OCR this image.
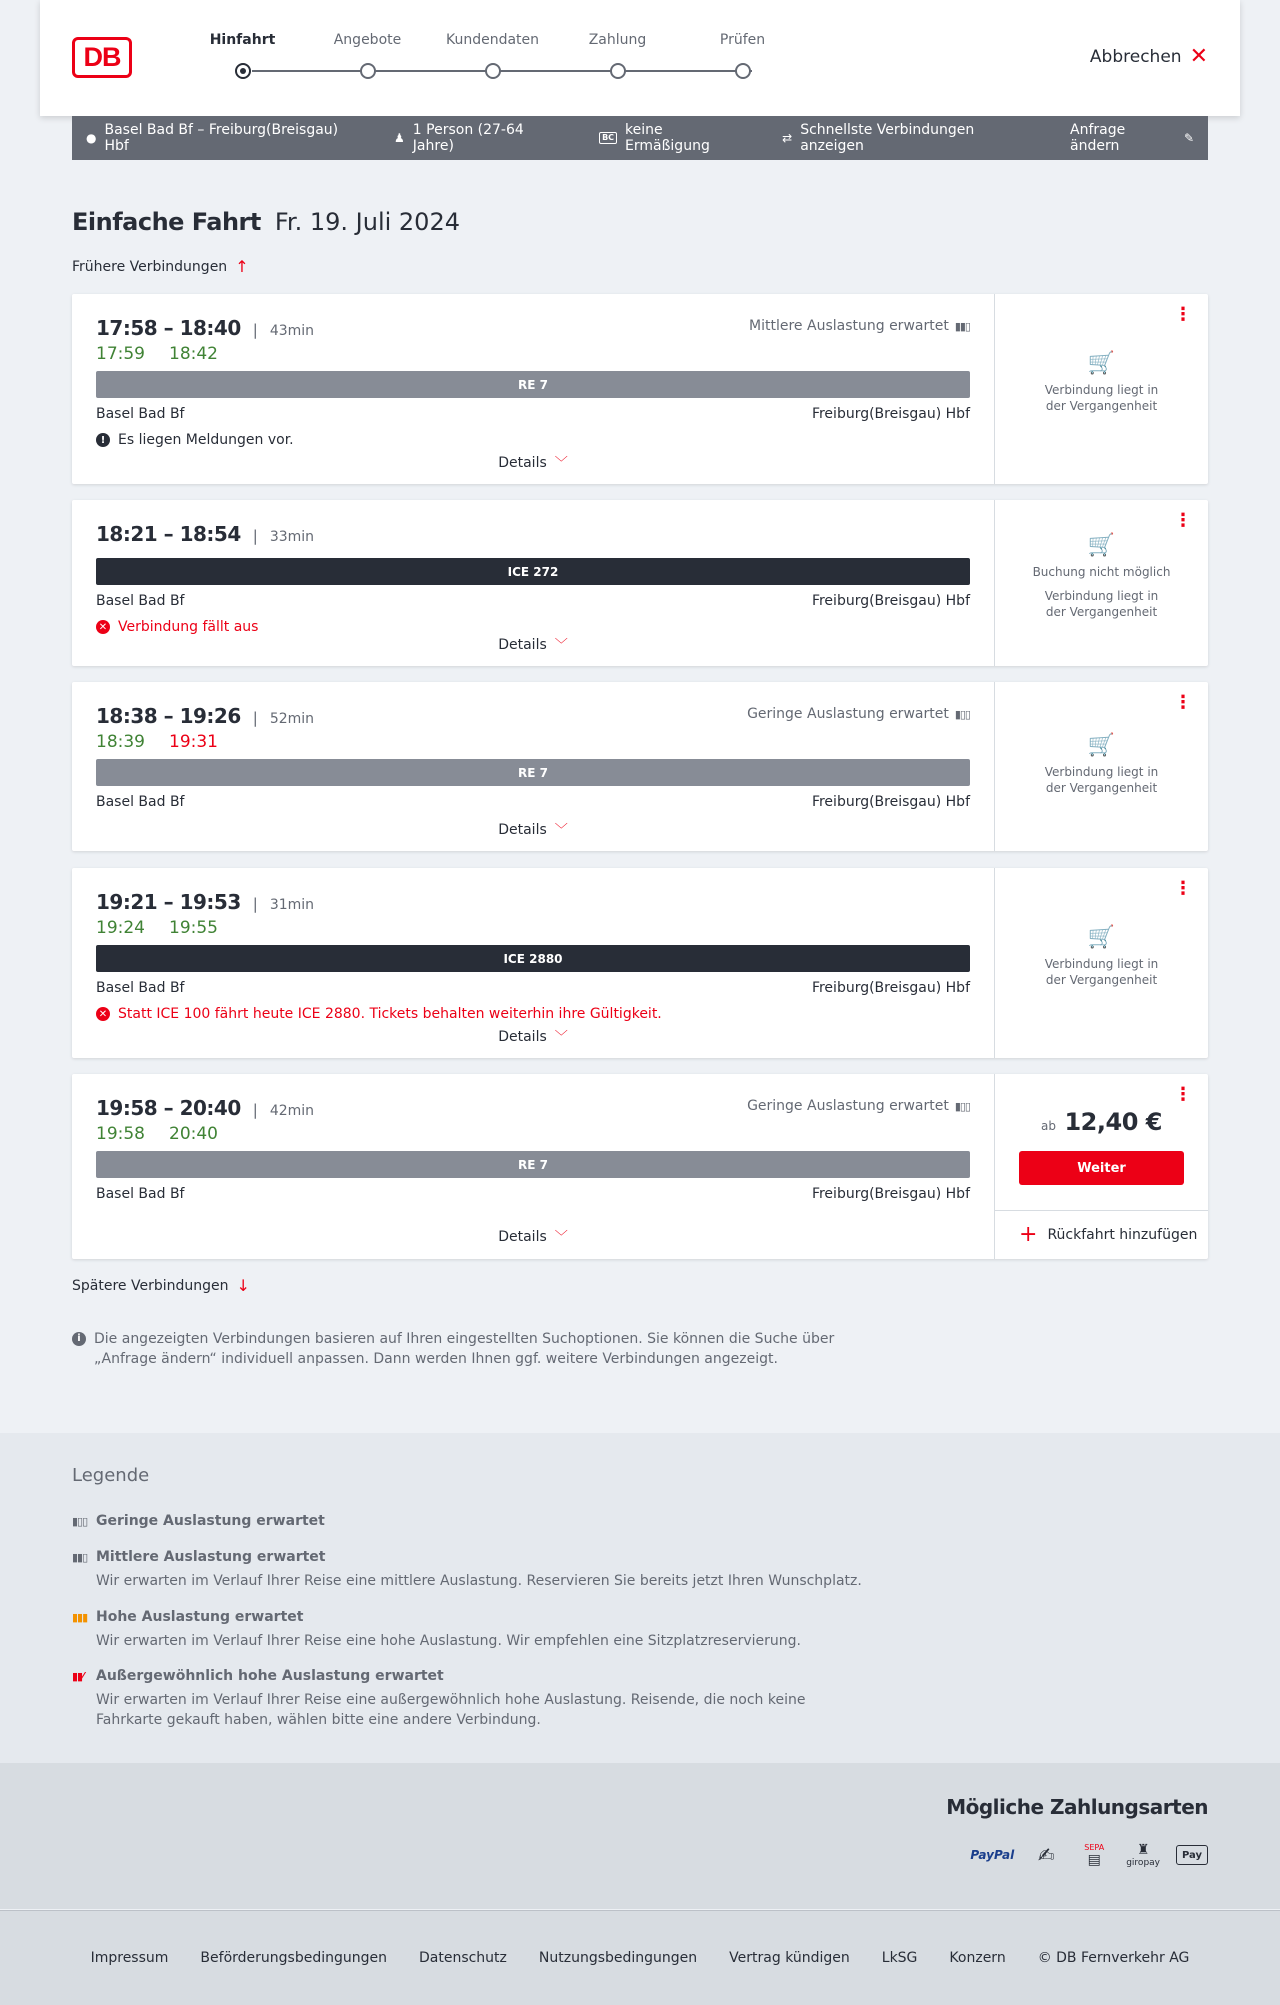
DB
Hinfahrt	Angebote	Kundendaten	Zahlung	Prüfen
Abbrechen ✕
● Basel Bad Bf – Freiburg(Breisgau) Hbf	♟ 1 Person (27-64 Jahre)
BC keine Ermäßigung	⇄ Schnellste Verbindungen anzeigen
Anfrage ändern	✎
Einfache Fahrt Fr. 19. Juli 2024
Frühere Verbindungen ↑
17:58 – 18:40 | 43min	Mittlere Auslastung erwartet ▮▮▯
17:59 18:42
RE 7
Basel Bad Bf	Freiburg(Breisgau) Hbf
! Es liegen Meldungen vor.
Details ﹀
⋮
🛒
Verbindung liegt in der Vergangenheit
18:21 – 18:54 | 33min
ICE 272
Basel Bad Bf	Freiburg(Breisgau) Hbf
✕ Verbindung fällt aus
Details ﹀
⋮
🛒
Buchung nicht möglich
Verbindung liegt in der Vergangenheit
18:38 – 19:26 | 52min	Geringe Auslastung erwartet ▮▯▯
18:39 19:31
RE 7
Basel Bad Bf	Freiburg(Breisgau) Hbf
Details ﹀
⋮
🛒
Verbindung liegt in der Vergangenheit
19:21 – 19:53 | 31min
19:24 19:55
ICE 2880
Basel Bad Bf	Freiburg(Breisgau) Hbf
✕ Statt ICE 100 fährt heute ICE 2880. Tickets behalten weiterhin ihre Gültigkeit.
Details ﹀
⋮
🛒
Verbindung liegt in der Vergangenheit
19:58 – 20:40 | 42min	Geringe Auslastung erwartet ▮▯▯
19:58 20:40
RE 7
Basel Bad Bf	Freiburg(Breisgau) Hbf
Details ﹀
⋮
ab 12,40 €
Weiter
+ Rückfahrt hinzufügen
Spätere Verbindungen ↓
i Die angezeigten Verbindungen basieren auf Ihren eingestellten Suchoptionen. Sie können die Suche über „Anfrage ändern“ individuell anpassen. Dann werden Ihnen ggf. weitere Verbindungen angezeigt.
Legende
▮▯▯ Geringe Auslastung erwartet
▮▮▯ Mittlere Auslastung erwartet
Wir erwarten im Verlauf Ihrer Reise eine mittlere Auslastung. Reservieren Sie bereits jetzt Ihren Wunschplatz.
▮▮▮ Hohe Auslastung erwartet
Wir erwarten im Verlauf Ihrer Reise eine hohe Auslastung. Wir empfehlen eine Sitzplatzreservierung.
▮▮⁄ Außergewöhnlich hohe Auslastung erwartet
Wir erwarten im Verlauf Ihrer Reise eine außergewöhnlich hohe Auslastung. Reisende, die noch keine Fahrkarte gekauft haben, wählen bitte eine andere Verbindung.
Mögliche Zahlungsarten
PayPal	✍	SEPA
▤
♜
giropay
Pay
Impressum Beförderungsbedingungen Datenschutz Nutzungsbedingungen Vertrag kündigen LkSG Konzern © DB Fernverkehr AG
